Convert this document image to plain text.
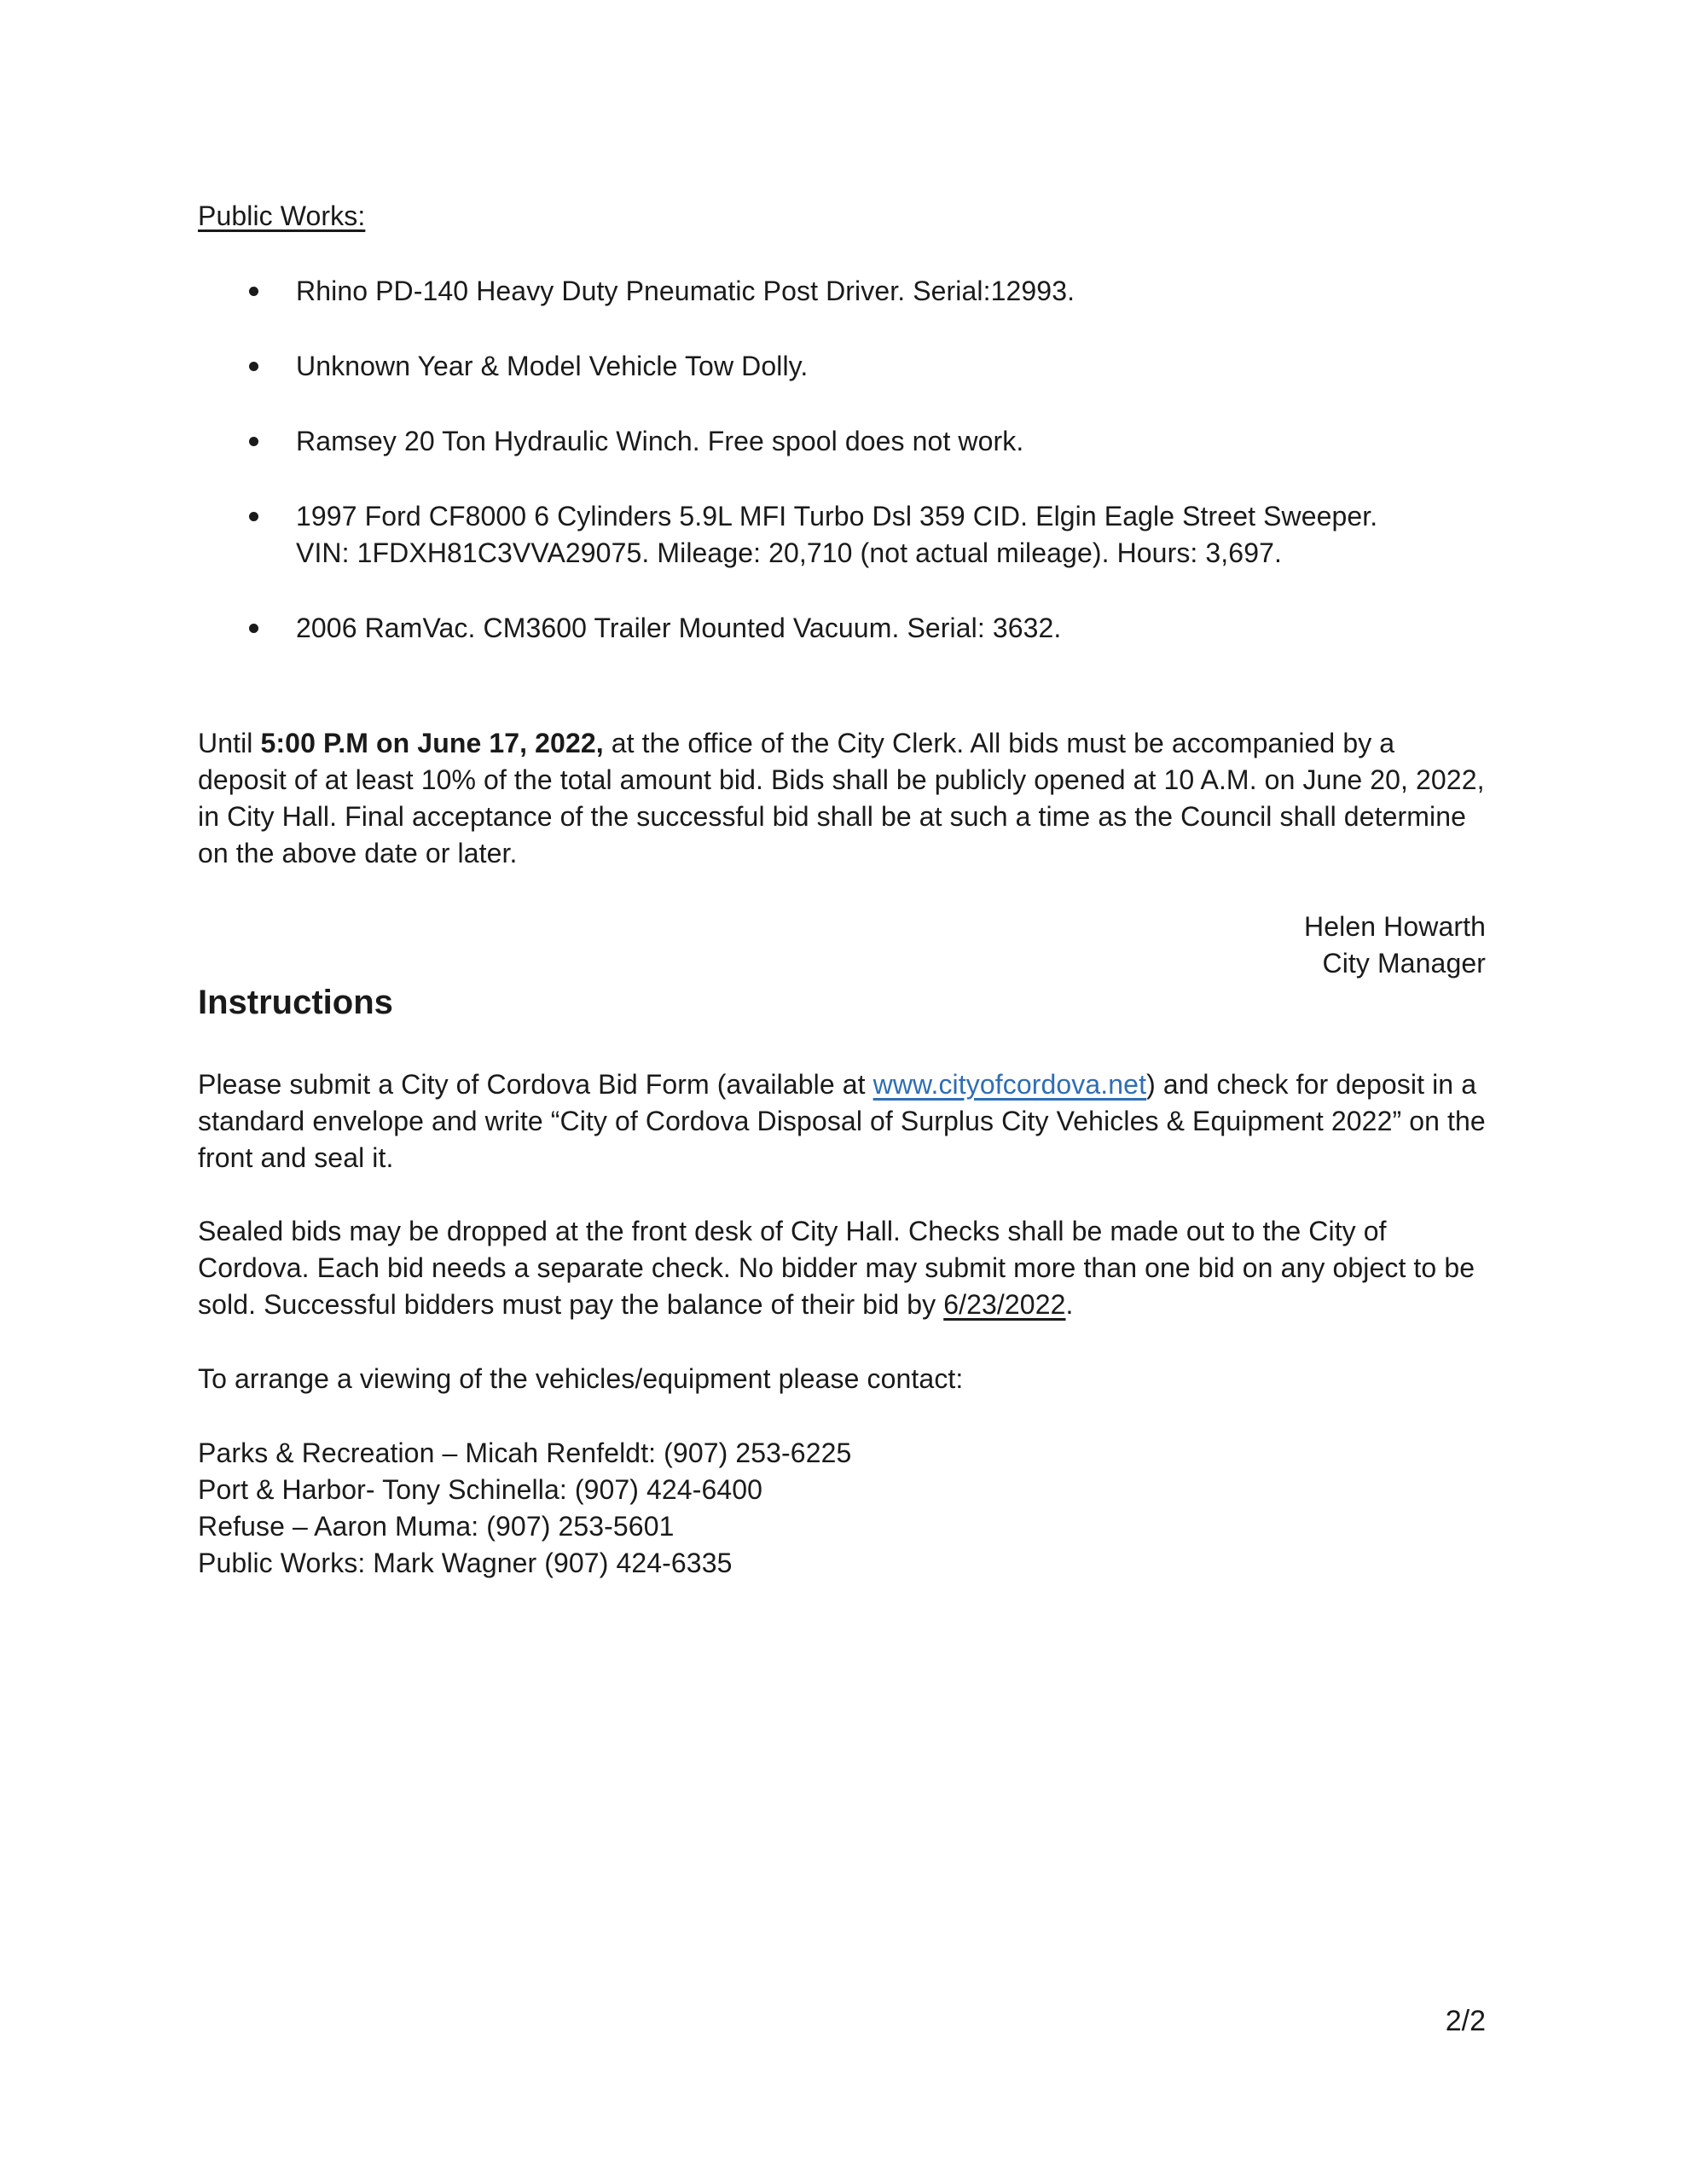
Public Works:
Rhino PD-140 Heavy Duty Pneumatic Post Driver. Serial:12993.
Unknown Year & Model Vehicle Tow Dolly.
Ramsey 20 Ton Hydraulic Winch. Free spool does not work.
1997 Ford CF8000 6 Cylinders 5.9L MFI Turbo Dsl 359 CID. Elgin Eagle Street Sweeper.
VIN: 1FDXH81C3VVA29075. Mileage: 20,710 (not actual mileage). Hours: 3,697.
2006 RamVac. CM3600 Trailer Mounted Vacuum. Serial: 3632.

Until 5:00 P.M on June 17, 2022, at the office of the City Clerk. All bids must be accompanied by a deposit of at least 10% of the total amount bid. Bids shall be publicly opened at 10 A.M. on June 20, 2022, in City Hall. Final acceptance of the successful bid shall be at such a time as the Council shall determine on the above date or later.

Helen Howarth
City Manager
Instructions

Please submit a City of Cordova Bid Form (available at www.cityofcordova.net) and check for deposit in a standard envelope and write “City of Cordova Disposal of Surplus City Vehicles & Equipment 2022” on the front and seal it.

Sealed bids may be dropped at the front desk of City Hall. Checks shall be made out to the City of Cordova. Each bid needs a separate check. No bidder may submit more than one bid on any object to be sold. Successful bidders must pay the balance of their bid by 6/23/2022.

To arrange a viewing of the vehicles/equipment please contact:

Parks & Recreation – Micah Renfeldt: (907) 253-6225
Port & Harbor- Tony Schinella: (907) 424-6400
Refuse – Aaron Muma: (907) 253-5601
Public Works: Mark Wagner (907) 424-6335
2/2
